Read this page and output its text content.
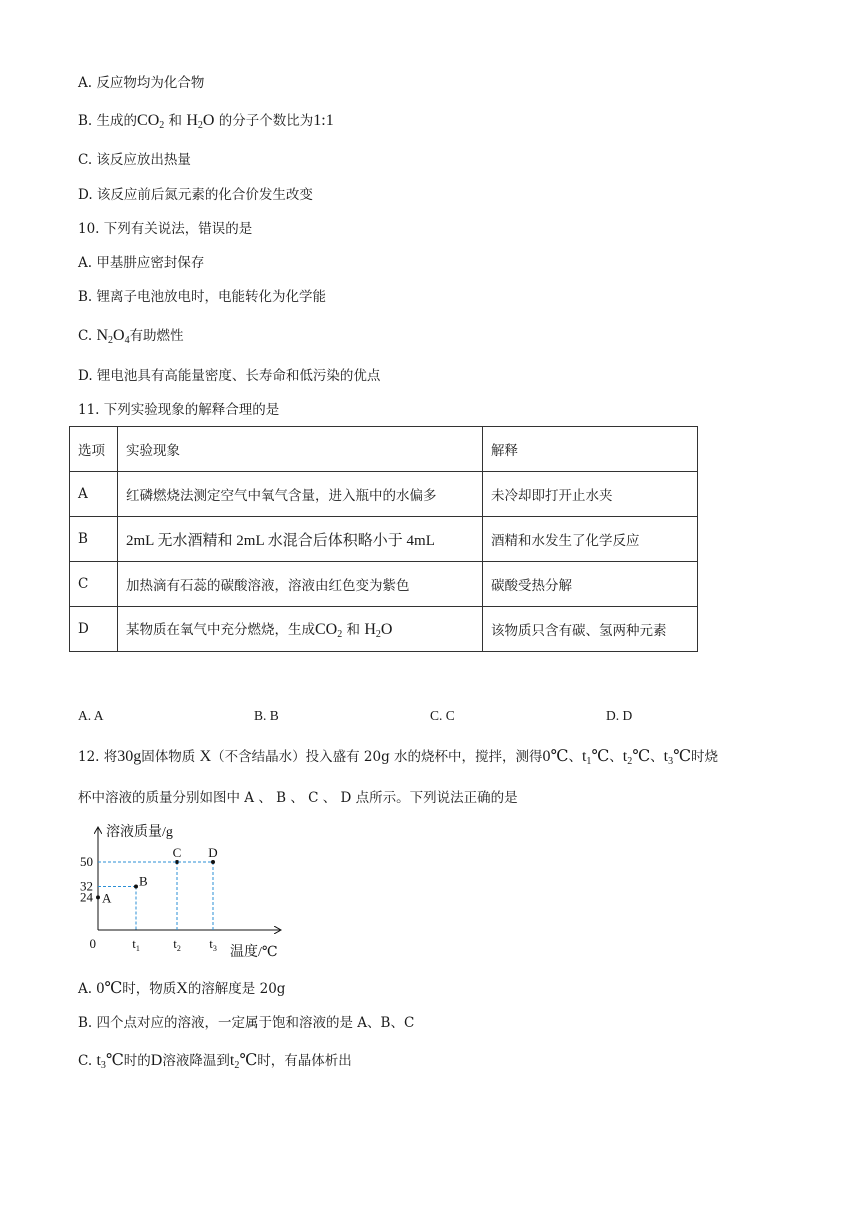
A. 反应物均为化合物
B. 生成的$CO_2$ 和 $H_2O$ 的分子个数比为1:1
C. 该反应放出热量
D. 该反应前后氮元素的化合价发生改变
10. 下列有关说法，错误的是
A. 甲基肼应密封保存
B. 锂离子电池放电时，电能转化为化学能
C. $N_2O_4$有助燃性
D. 锂电池具有高能量密度、长寿命和低污染的优点
11. 下列实验现象的解释合理的是
选项	实验现象	解释
A	红磷燃烧法测定空气中氧气含量，进入瓶中的水偏多	未冷却即打开止水夹
B	2mL 无水酒精和 2mL 水混合后体积略小于 4mL	酒精和水发生了化学反应
C	加热滴有石蕊的碳酸溶液，溶液由红色变为紫色	碳酸受热分解
D	某物质在氧气中充分燃烧，生成$CO_2$ 和 $H_2O$	该物质只含有碳、氢两种元素
A. A	B. B	C. C	D. D
12. 将30g固体物质 X（不含结晶水）投入盛有 20g 水的烧杯中，搅拌，测得0℃、$t_1℃$、$t_2℃$、$t_3℃$时烧
杯中溶液的质量分别如图中 A 、 B 、 C 、 D 点所示。下列说法正确的是
溶液质量/g
温度/℃
24
32
50
0	$t_1$	$t_2$ $t_3$
A
B
C D
A. 0℃时，物质X的溶解度是 20g
B. 四个点对应的溶液，一定属于饱和溶液的是 A、B、C
C. $t_3℃$时的D溶液降温到$t_2℃$时，有晶体析出
